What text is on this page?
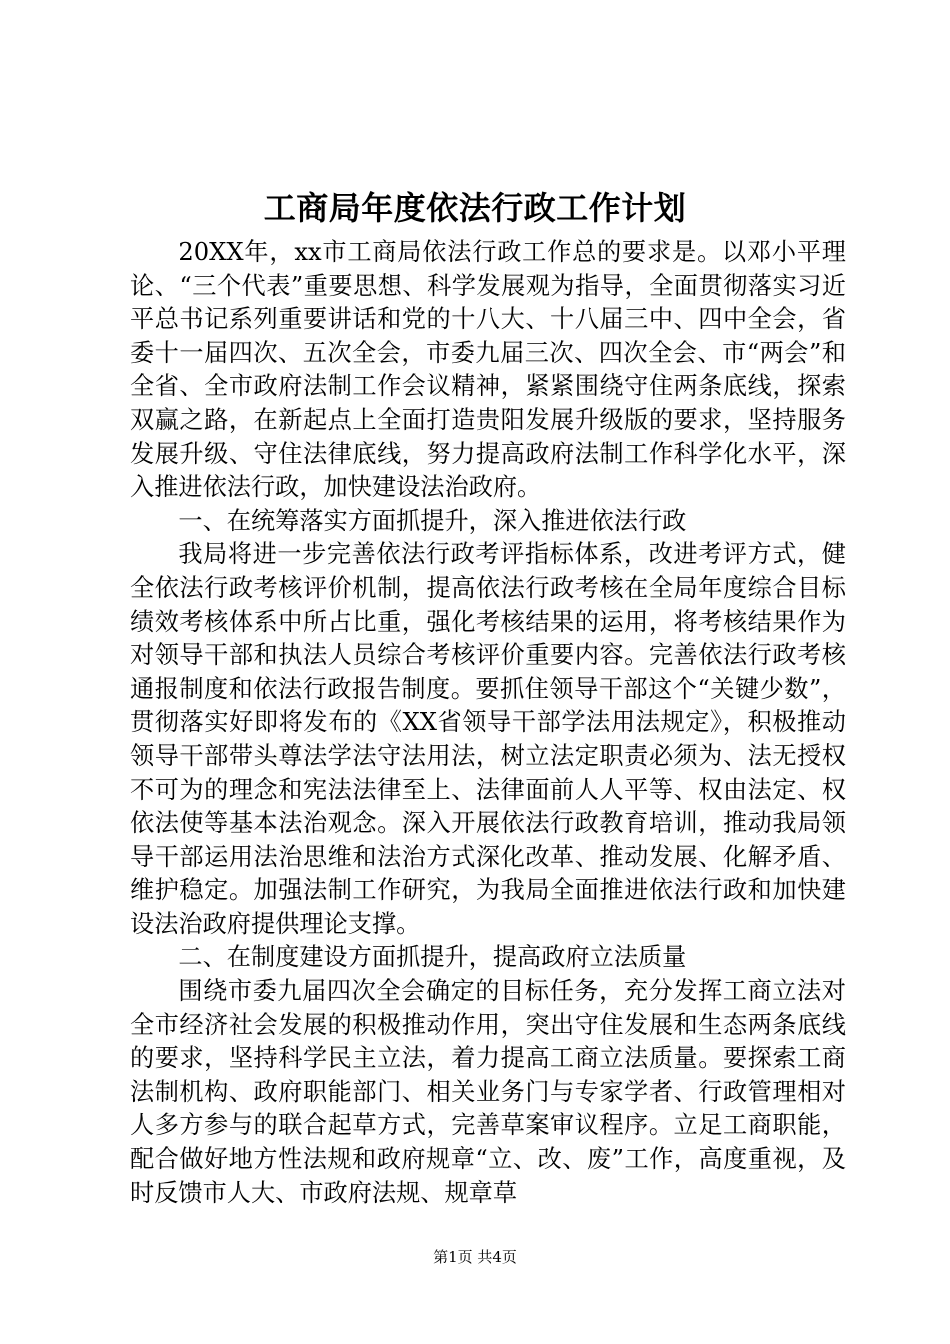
工商局年度依法行政工作计划

20XX年，xx市工商局依法行政工作总的要求是。以邓小平理论、“三个代表”重要思想、科学发展观为指导，全面贯彻落实习近平总书记系列重要讲话和党的十八大、十八届三中、四中全会，省委十一届四次、五次全会，市委九届三次、四次全会、市“两会”和全省、全市政府法制工作会议精神，紧紧围绕守住两条底线，探索双赢之路，在新起点上全面打造贵阳发展升级版的要求，坚持服务发展升级、守住法律底线，努力提高政府法制工作科学化水平，深入推进依法行政，加快建设法治政府。

一、在统筹落实方面抓提升，深入推进依法行政

我局将进一步完善依法行政考评指标体系，改进考评方式，健全依法行政考核评价机制，提高依法行政考核在全局年度综合目标绩效考核体系中所占比重，强化考核结果的运用，将考核结果作为对领导干部和执法人员综合考核评价重要内容。完善依法行政考核通报制度和依法行政报告制度。要抓住领导干部这个“关键少数”，贯彻落实好即将发布的《XX省领导干部学法用法规定》，积极推动领导干部带头尊法学法守法用法，树立法定职责必须为、法无授权不可为的理念和宪法法律至上、法律面前人人平等、权由法定、权依法使等基本法治观念。深入开展依法行政教育培训，推动我局领导干部运用法治思维和法治方式深化改革、推动发展、化解矛盾、维护稳定。加强法制工作研究，为我局全面推进依法行政和加快建设法治政府提供理论支撑。

二、在制度建设方面抓提升，提高政府立法质量

围绕市委九届四次全会确定的目标任务，充分发挥工商立法对全市经济社会发展的积极推动作用，突出守住发展和生态两条底线的要求，坚持科学民主立法，着力提高工商立法质量。要探索工商法制机构、政府职能部门、相关业务门与专家学者、行政管理相对人多方参与的联合起草方式，完善草案审议程序。立足工商职能，配合做好地方性法规和政府规章“立、改、废”工作，高度重视，及时反馈市人大、市政府法规、规章草

第1页 共4页
